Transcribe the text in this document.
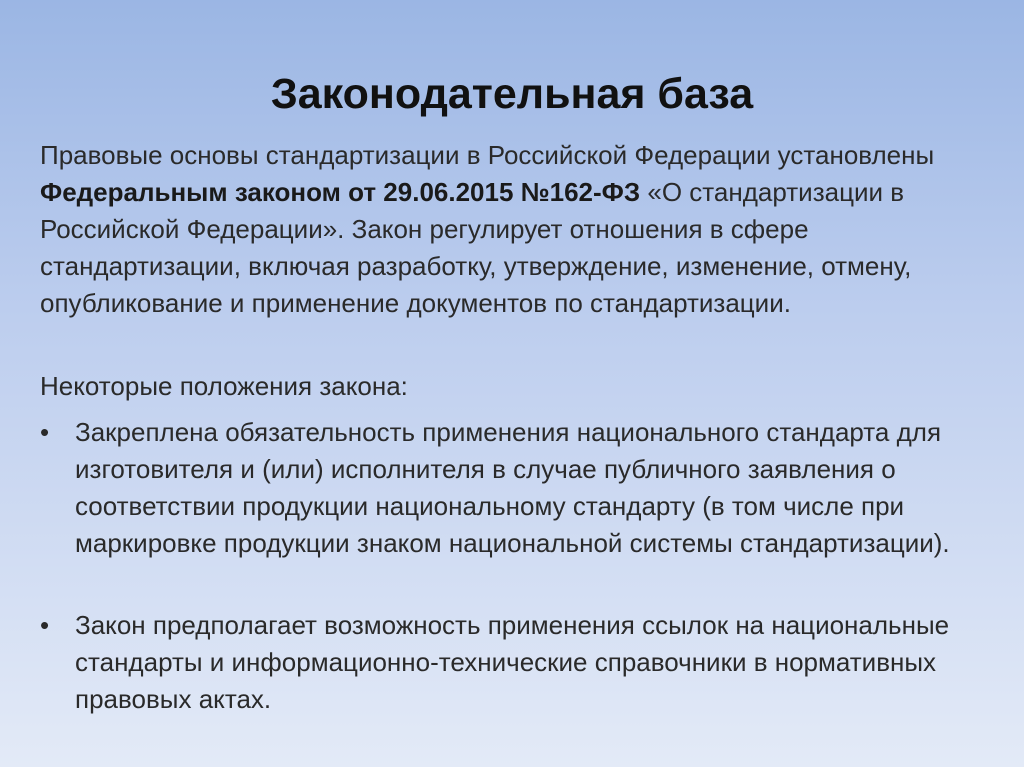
Законодательная база
Правовые основы стандартизации в Российской Федерации установлены Федеральным законом от 29.06.2015 №162-ФЗ «О стандартизации в Российской Федерации». Закон регулирует отношения в сфере стандартизации, включая разработку, утверждение, изменение, отмену, опубликование и применение документов по стандартизации.
Некоторые положения закона:
• Закреплена обязательность применения национального стандарта для изготовителя и (или) исполнителя в случае публичного заявления о соответствии продукции национальному стандарту (в том числе при маркировке продукции знаком национальной системы стандартизации).
• Закон предполагает возможность применения ссылок на национальные стандарты и информационно-технические справочники в нормативных правовых актах.
